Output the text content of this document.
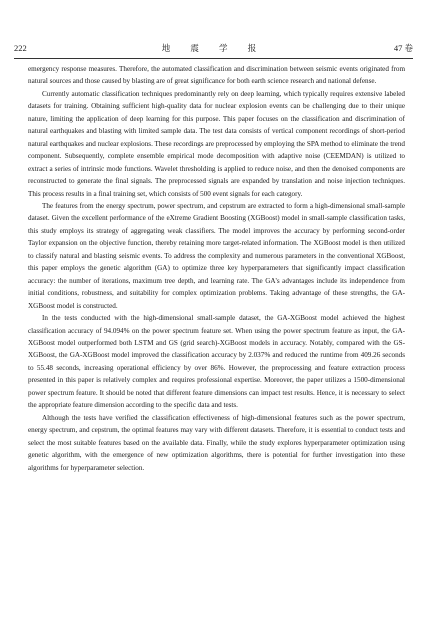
222	地 震 学 报	47 卷

emergency response measures. Therefore, the automated classification and discrimination between seismic events originated from natural sources and those caused by blasting are of great significance for both earth science research and national defense.

Currently automatic classification techniques predominantly rely on deep learning, which typically requires extensive labeled datasets for training. Obtaining sufficient high-quality data for nuclear explosion events can be challenging due to their unique nature, limiting the application of deep learning for this purpose. This paper focuses on the classification and discrimination of natural earthquakes and blasting with limited sample data. The test data consists of vertical component recordings of short-period natural earthquakes and nuclear explosions. These recordings are preprocessed by employing the SPA method to eliminate the trend component. Subsequently, complete ensemble empirical mode decomposition with adaptive noise (CEEMDAN) is utilized to extract a series of intrinsic mode functions. Wavelet thresholding is applied to reduce noise, and then the denoised components are reconstructed to generate the final signals. The preprocessed signals are expanded by translation and noise injection techniques. This process results in a final training set, which consists of 500 event signals for each category.

The features from the energy spectrum, power spectrum, and cepstrum are extracted to form a high-dimensional small-sample dataset. Given the excellent performance of the eXtreme Gradient Boosting (XGBoost) model in small-sample classification tasks, this study employs its strategy of aggregating weak classifiers. The model improves the accuracy by performing second-order Taylor expansion on the objective function, thereby retaining more target-related information. The XGBoost model is then utilized to classify natural and blasting seismic events. To address the complexity and numerous parameters in the conventional XGBoost, this paper employs the genetic algorithm (GA) to optimize three key hyperparameters that significantly impact classification accuracy: the number of iterations, maximum tree depth, and learning rate. The GA's advantages include its independence from initial conditions, robustness, and suitability for complex optimization problems. Taking advantage of these strengths, the GA-XGBoost model is constructed.

In the tests conducted with the high-dimensional small-sample dataset, the GA-XGBoost model achieved the highest classification accuracy of 94.094% on the power spectrum feature set. When using the power spectrum feature as input, the GA-XGBoost model outperformed both LSTM and GS (grid search)-XGBoost models in accuracy. Notably, compared with the GS-XGBoost, the GA-XGBoost model improved the classification accuracy by 2.037% and reduced the runtime from 409.26 seconds to 55.48 seconds, increasing operational efficiency by over 86%. However, the preprocessing and feature extraction process presented in this paper is relatively complex and requires professional expertise. Moreover, the paper utilizes a 1500-dimensional power spectrum feature. It should be noted that different feature dimensions can impact test results. Hence, it is necessary to select the appropriate feature dimension according to the specific data and tests.

Although the tests have verified the classification effectiveness of high-dimensional features such as the power spectrum, energy spectrum, and cepstrum, the optimal features may vary with different datasets. Therefore, it is essential to conduct tests and select the most suitable features based on the available data. Finally, while the study explores hyperparameter optimization using genetic algorithm, with the emergence of new optimization algorithms, there is potential for further investigation into these algorithms for hyperparameter selection.
